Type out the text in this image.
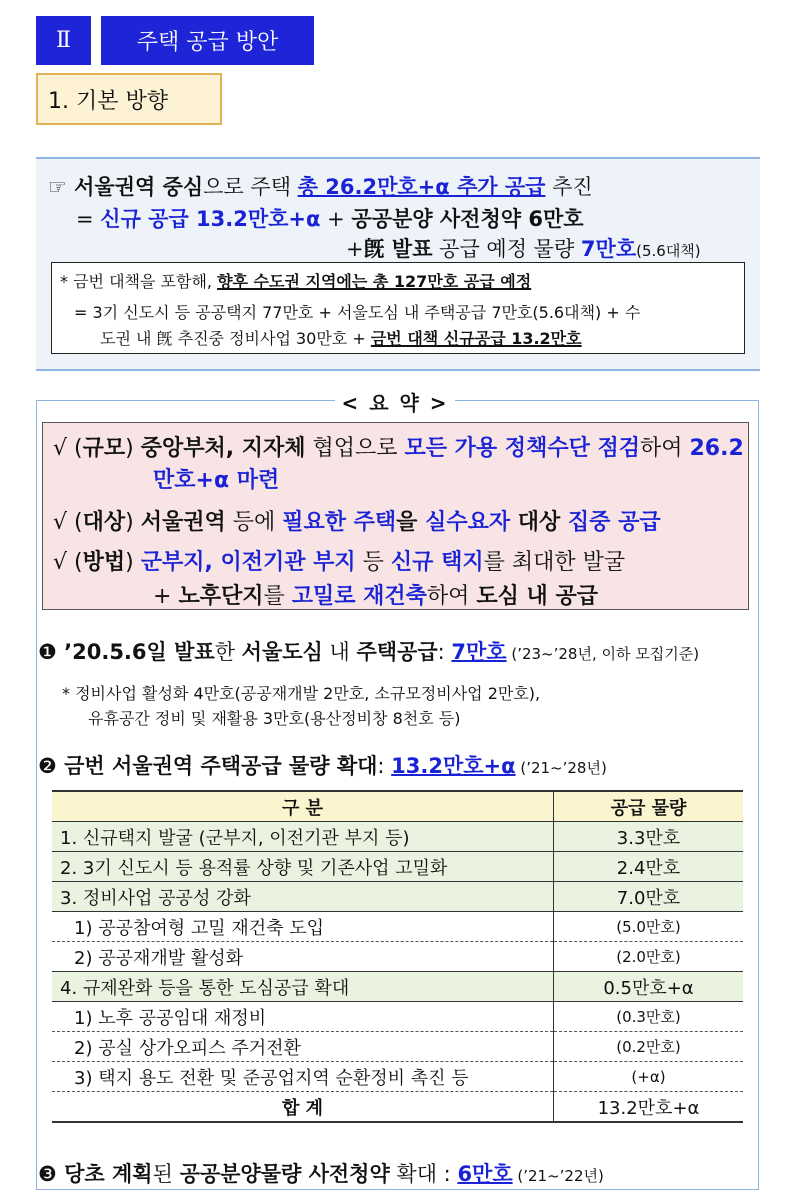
Ⅱ	주택 공급 방안
1. 기본 방향
☞ 서울권역 중심으로 주택 총 26.2만호+α 추가 공급 추진
= 신규 공급 13.2만호+α + 공공분양 사전청약 6만호
+旣 발표 공급 예정 물량 7만호(5.6대책)
* 금번 대책을 포함해, 향후 수도권 지역에는 총 127만호 공급 예정
= 3기 신도시 등 공공택지 77만호 + 서울도심 내 주택공급 7만호(5.6대책) + 수
도권 내 旣 추진중 정비사업 30만호 + 금번 대책 신규공급 13.2만호
< 요 약 >
√ (규모) 중앙부처, 지자체 협업으로 모든 가용 정책수단 점검하여 26.2
만호+α 마련
√ (대상) 서울권역 등에 필요한 주택을 실수요자 대상 집중 공급
√ (방법) 군부지, 이전기관 부지 등 신규 택지를 최대한 발굴
+ 노후단지를 고밀로 재건축하여 도심 내 공급
❶ ’20.5.6일 발표한 서울도심 내 주택공급: 7만호 (’23~’28년, 이하 모집기준)
* 정비사업 활성화 4만호(공공재개발 2만호, 소규모정비사업 2만호),
유휴공간 정비 및 재활용 3만호(용산정비창 8천호 등)
❷ 금번 서울권역 주택공급 물량 확대: 13.2만호+α (’21~’28년)
구 분	공급 물량
1. 신규택지 발굴 (군부지, 이전기관 부지 등)	3.3만호
2. 3기 신도시 등 용적률 상향 및 기존사업 고밀화	2.4만호
3. 정비사업 공공성 강화	7.0만호
1) 공공참여형 고밀 재건축 도입	(5.0만호)
2) 공공재개발 활성화	(2.0만호)
4. 규제완화 등을 통한 도심공급 확대	0.5만호+α
1) 노후 공공임대 재정비	(0.3만호)
2) 공실 상가오피스 주거전환	(0.2만호)
3) 택지 용도 전환 및 준공업지역 순환정비 촉진 등	(+α)
합 계	13.2만호+α
❸ 당초 계획된 공공분양물량 사전청약 확대 : 6만호 (’21~’22년)
